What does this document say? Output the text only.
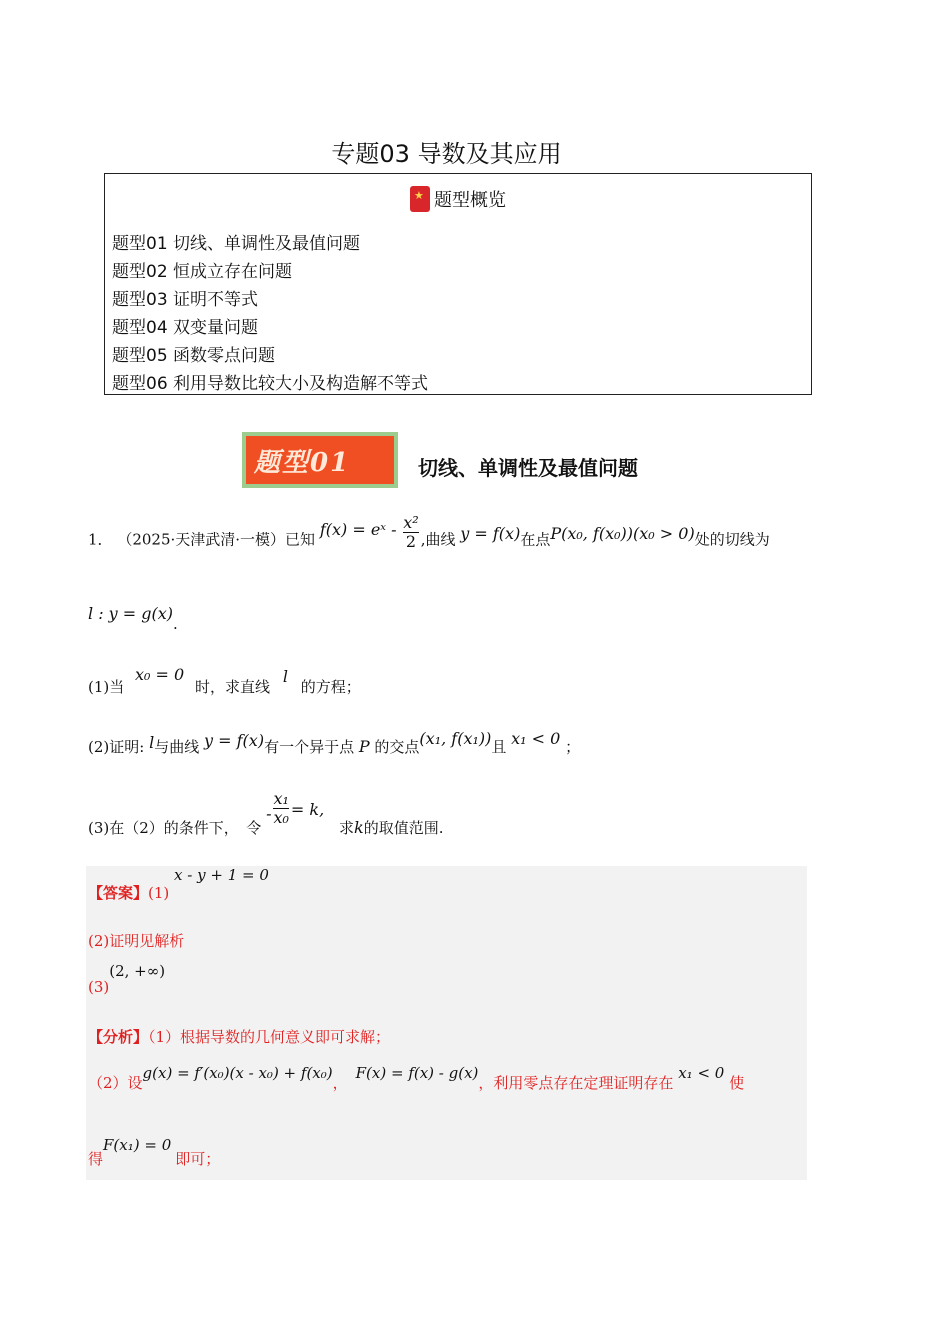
专题03 导数及其应用
★题型概览
题型01 切线、单调性及最值问题
题型02 恒成立存在问题
题型03 证明不等式
题型04 双变量问题
题型05 函数零点问题
题型06 利用导数比较大小及构造解不等式
题型01	切线、单调性及最值问题
1． （2025·天津武清·一模）已知 f(x) = eˣ - $\frac{\text{x²}}{2}$ ,曲线 y = f(x)在点P(x₀, f(x₀))(x₀ > 0)处的切线为
l : y = g(x).
(1)当 x₀ = 0 时，求直线 l 的方程；
(2)证明: l与曲线 y = f(x)有一个异于点 P 的交点(x₁, f(x₁))且 x₁ < 0 ；
(3)在（2）的条件下，　令 - $\frac{\text{x₁}}{\text{x₀}} = k$, 求k的取值范围.
【答案】(1) x - y + 1 = 0
(2)证明见解析
(3)(2, +∞)
【分析】（1）根据导数的几何意义即可求解；
（2）设g(x) = f′(x₀)(x - x₀) + f(x₀)，F(x) = f(x) - g(x)，利用零点存在定理证明存在 x₁ < 0 使
得F(x₁) = 0即可；
